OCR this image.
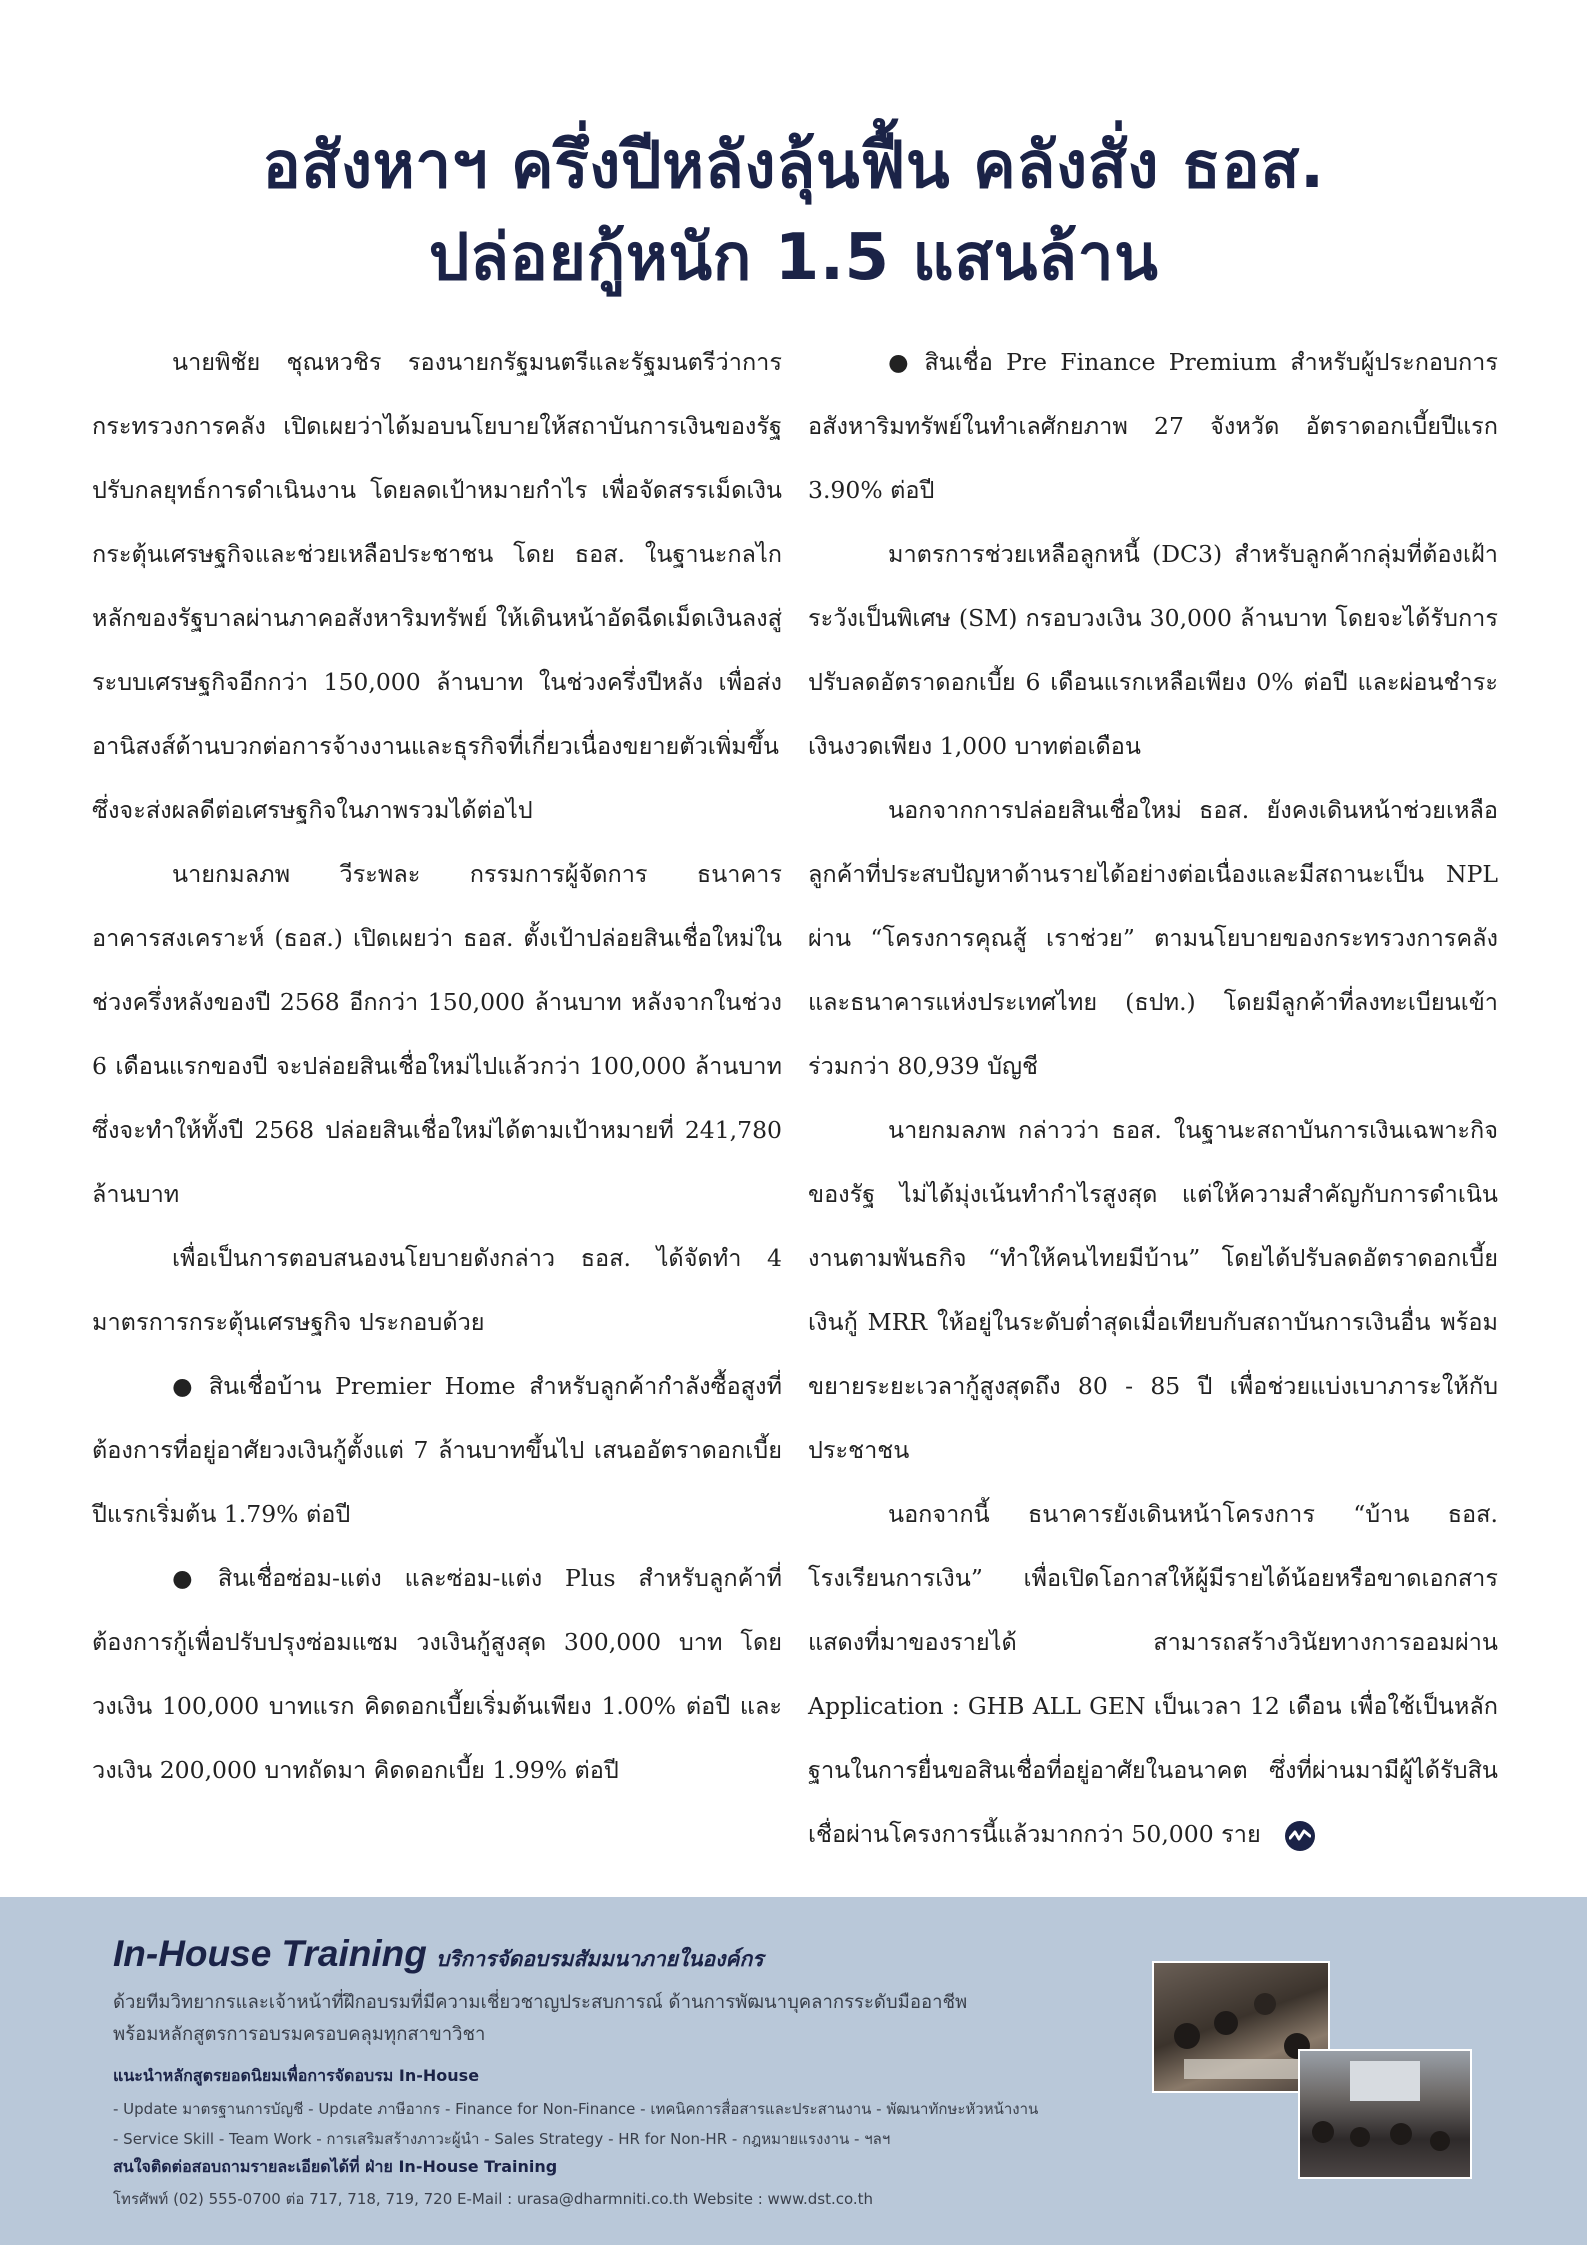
อสังหาฯ ครึ่งปีหลังลุ้นฟื้น คลังสั่ง ธอส.
ปล่อยกู้หนัก 1.5 แสนล้าน

นายพิชัย ชุณหวชิร รองนายกรัฐมนตรีและรัฐมนตรีว่าการกระทรวงการคลัง เปิดเผยว่าได้มอบนโยบายให้สถาบันการเงินของรัฐปรับกลยุทธ์การดำเนินงาน โดยลดเป้าหมายกำไร เพื่อจัดสรรเม็ดเงินกระตุ้นเศรษฐกิจและช่วยเหลือประชาชน โดย ธอส. ในฐานะกลไกหลักของรัฐบาลผ่านภาคอสังหาริมทรัพย์ ให้เดินหน้าอัดฉีดเม็ดเงินลงสู่ระบบเศรษฐกิจอีกกว่า 150,000 ล้านบาท ในช่วงครึ่งปีหลัง เพื่อส่งอานิสงส์ด้านบวกต่อการจ้างงานและธุรกิจที่เกี่ยวเนื่องขยายตัวเพิ่มขึ้น ซึ่งจะส่งผลดีต่อเศรษฐกิจในภาพรวมได้ต่อไป

นายกมลภพ วีระพละ กรรมการผู้จัดการ ธนาคารอาคารสงเคราะห์ (ธอส.) เปิดเผยว่า ธอส. ตั้งเป้าปล่อยสินเชื่อใหม่ในช่วงครึ่งหลังของปี 2568 อีกกว่า 150,000 ล้านบาท หลังจากในช่วง 6 เดือนแรกของปี จะปล่อยสินเชื่อใหม่ไปแล้วกว่า 100,000 ล้านบาท ซึ่งจะทำให้ทั้งปี 2568 ปล่อยสินเชื่อใหม่ได้ตามเป้าหมายที่ 241,780 ล้านบาท

เพื่อเป็นการตอบสนองนโยบายดังกล่าว ธอส. ได้จัดทำ 4 มาตรการกระตุ้นเศรษฐกิจ ประกอบด้วย

● สินเชื่อบ้าน Premier Home สำหรับลูกค้ากำลังซื้อสูงที่ต้องการที่อยู่อาศัยวงเงินกู้ตั้งแต่ 7 ล้านบาทขึ้นไป เสนออัตราดอกเบี้ยปีแรกเริ่มต้น 1.79% ต่อปี

● สินเชื่อซ่อม-แต่ง และซ่อม-แต่ง Plus สำหรับลูกค้าที่ต้องการกู้เพื่อปรับปรุงซ่อมแซม วงเงินกู้สูงสุด 300,000 บาท โดยวงเงิน 100,000 บาทแรก คิดดอกเบี้ยเริ่มต้นเพียง 1.00% ต่อปี และวงเงิน 200,000 บาทถัดมา คิดดอกเบี้ย 1.99% ต่อปี

● สินเชื่อ Pre Finance Premium สำหรับผู้ประกอบการอสังหาริมทรัพย์ในทำเลศักยภาพ 27 จังหวัด อัตราดอกเบี้ยปีแรก 3.90% ต่อปี

มาตรการช่วยเหลือลูกหนี้ (DC3) สำหรับลูกค้ากลุ่มที่ต้องเฝ้าระวังเป็นพิเศษ (SM) กรอบวงเงิน 30,000 ล้านบาท โดยจะได้รับการปรับลดอัตราดอกเบี้ย 6 เดือนแรกเหลือเพียง 0% ต่อปี และผ่อนชำระเงินงวดเพียง 1,000 บาทต่อเดือน

นอกจากการปล่อยสินเชื่อใหม่ ธอส. ยังคงเดินหน้าช่วยเหลือลูกค้าที่ประสบปัญหาด้านรายได้อย่างต่อเนื่องและมีสถานะเป็น NPL ผ่าน “โครงการคุณสู้ เราช่วย” ตามนโยบายของกระทรวงการคลังและธนาคารแห่งประเทศไทย (ธปท.) โดยมีลูกค้าที่ลงทะเบียนเข้าร่วมกว่า 80,939 บัญชี

นายกมลภพ กล่าวว่า ธอส. ในฐานะสถาบันการเงินเฉพาะกิจของรัฐ ไม่ได้มุ่งเน้นทำกำไรสูงสุด แต่ให้ความสำคัญกับการดำเนินงานตามพันธกิจ “ทำให้คนไทยมีบ้าน” โดยได้ปรับลดอัตราดอกเบี้ยเงินกู้ MRR ให้อยู่ในระดับต่ำสุดเมื่อเทียบกับสถาบันการเงินอื่น พร้อมขยายระยะเวลากู้สูงสุดถึง 80 - 85 ปี เพื่อช่วยแบ่งเบาภาระให้กับประชาชน

นอกจากนี้ ธนาคารยังเดินหน้าโครงการ “บ้าน ธอส. โรงเรียนการเงิน” เพื่อเปิดโอกาสให้ผู้มีรายได้น้อยหรือขาดเอกสารแสดงที่มาของรายได้ สามารถสร้างวินัยทางการออมผ่าน Application : GHB ALL GEN เป็นเวลา 12 เดือน เพื่อใช้เป็นหลักฐานในการยื่นขอสินเชื่อที่อยู่อาศัยในอนาคต ซึ่งที่ผ่านมามีผู้ได้รับสินเชื่อผ่านโครงการนี้แล้วมากกว่า 50,000 ราย

In-House Training บริการจัดอบรมสัมมนาภายในองค์กร
ด้วยทีมวิทยากรและเจ้าหน้าที่ฝึกอบรมที่มีความเชี่ยวชาญประสบการณ์ ด้านการพัฒนาบุคลากรระดับมืออาชีพ
พร้อมหลักสูตรการอบรมครอบคลุมทุกสาขาวิชา
แนะนำหลักสูตรยอดนิยมเพื่อการจัดอบรม In-House
- Update มาตรฐานการบัญชี - Update ภาษีอากร - Finance for Non-Finance - เทคนิคการสื่อสารและประสานงาน - พัฒนาทักษะหัวหน้างาน
- Service Skill - Team Work - การเสริมสร้างภาวะผู้นำ - Sales Strategy - HR for Non-HR - กฎหมายแรงงาน - ฯลฯ
สนใจติดต่อสอบถามรายละเอียดได้ที่ ฝ่าย In-House Training
โทรศัพท์ (02) 555-0700 ต่อ 717, 718, 719, 720 E-Mail : urasa@dharmniti.co.th Website : www.dst.co.th
